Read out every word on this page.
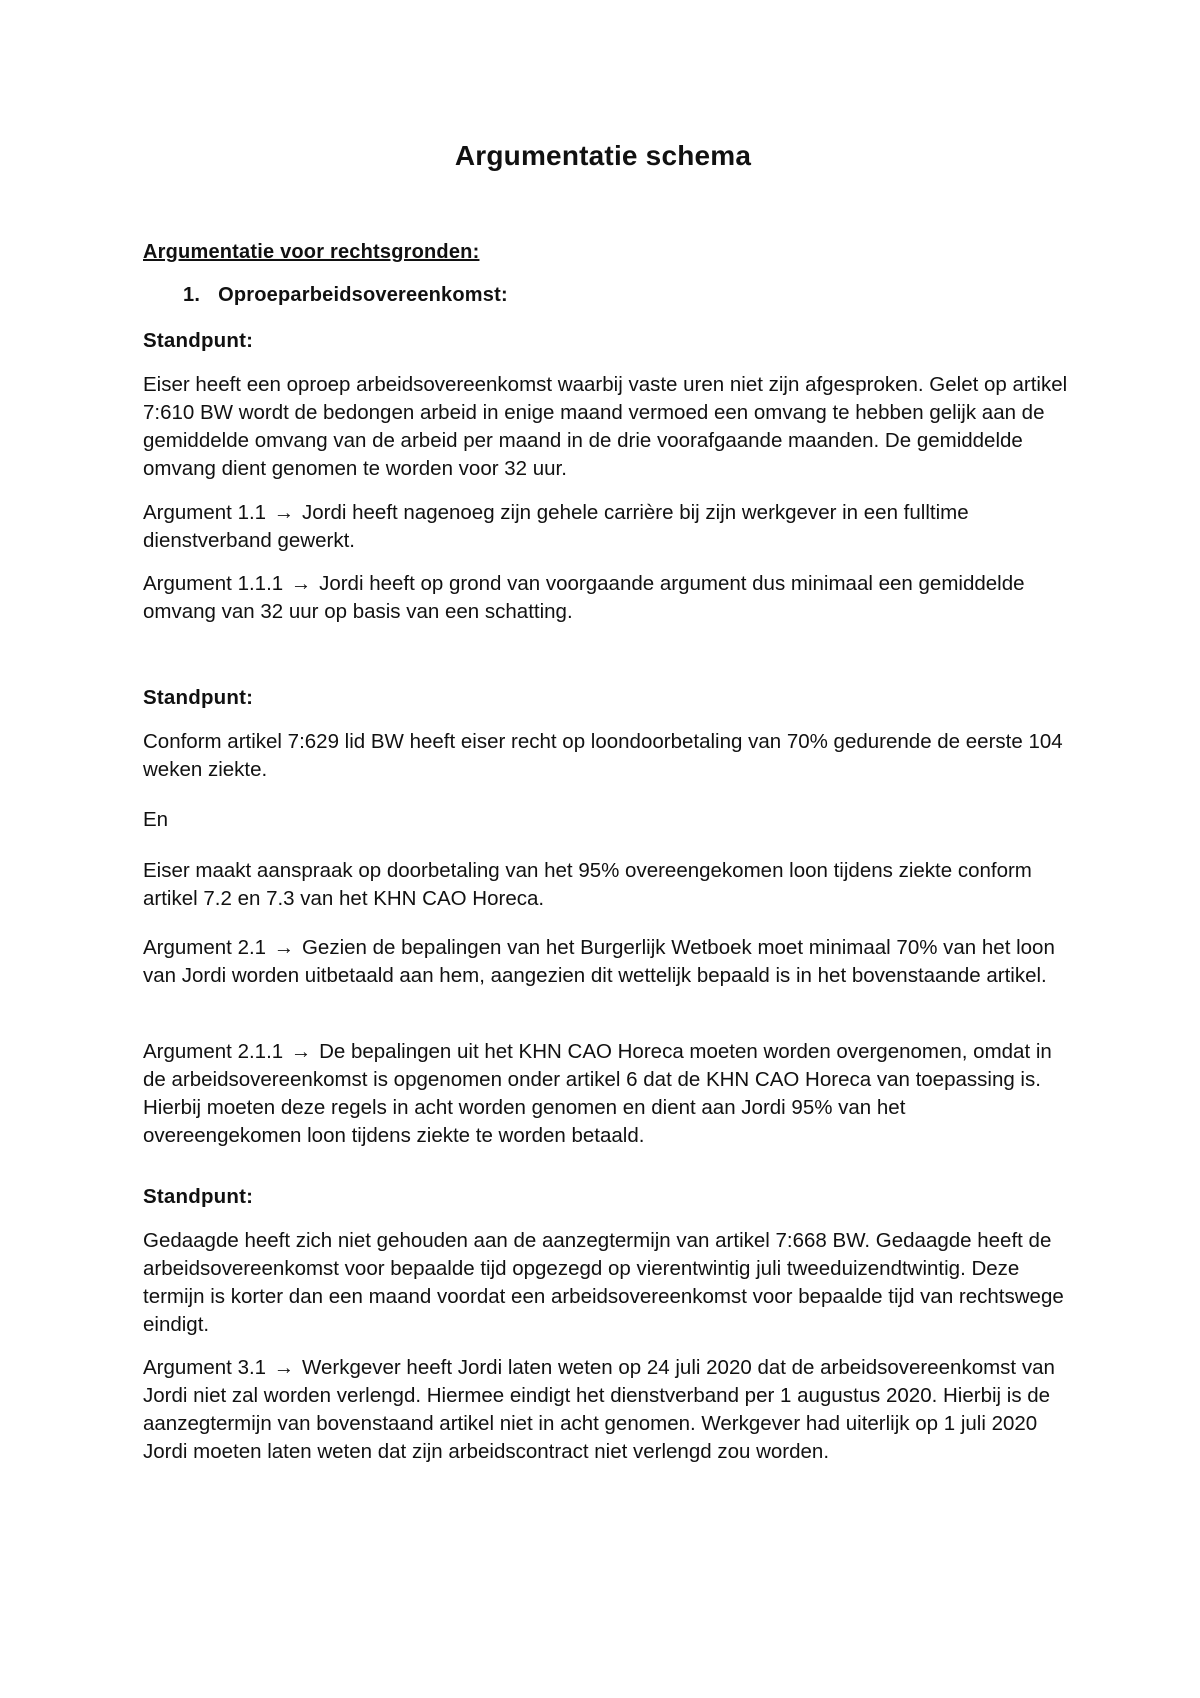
Argumentatie schema

Argumentatie voor rechtsgronden:

1. Oproeparbeidsovereenkomst:

Standpunt:

Eiser heeft een oproep arbeidsovereenkomst waarbij vaste uren niet zijn afgesproken. Gelet op artikel 7:610 BW wordt de bedongen arbeid in enige maand vermoed een omvang te hebben gelijk aan de gemiddelde omvang van de arbeid per maand in de drie voorafgaande maanden. De gemiddelde omvang dient genomen te worden voor 32 uur.

Argument 1.1 → Jordi heeft nagenoeg zijn gehele carrière bij zijn werkgever in een fulltime dienstverband gewerkt.

Argument 1.1.1 → Jordi heeft op grond van voorgaande argument dus minimaal een gemiddelde omvang van 32 uur op basis van een schatting.

Standpunt:

Conform artikel 7:629 lid BW heeft eiser recht op loondoorbetaling van 70% gedurende de eerste 104 weken ziekte.

En

Eiser maakt aanspraak op doorbetaling van het 95% overeengekomen loon tijdens ziekte conform artikel 7.2 en 7.3 van het KHN CAO Horeca.

Argument 2.1 → Gezien de bepalingen van het Burgerlijk Wetboek moet minimaal 70% van het loon van Jordi worden uitbetaald aan hem, aangezien dit wettelijk bepaald is in het bovenstaande artikel.

Argument 2.1.1 → De bepalingen uit het KHN CAO Horeca moeten worden overgenomen, omdat in de arbeidsovereenkomst is opgenomen onder artikel 6 dat de KHN CAO Horeca van toepassing is. Hierbij moeten deze regels in acht worden genomen en dient aan Jordi 95% van het overeengekomen loon tijdens ziekte te worden betaald.

Standpunt:

Gedaagde heeft zich niet gehouden aan de aanzegtermijn van artikel 7:668 BW. Gedaagde heeft de arbeidsovereenkomst voor bepaalde tijd opgezegd op vierentwintig juli tweeduizendtwintig. Deze termijn is korter dan een maand voordat een arbeidsovereenkomst voor bepaalde tijd van rechtswege eindigt.

Argument 3.1 → Werkgever heeft Jordi laten weten op 24 juli 2020 dat de arbeidsovereenkomst van Jordi niet zal worden verlengd. Hiermee eindigt het dienstverband per 1 augustus 2020. Hierbij is de aanzegtermijn van bovenstaand artikel niet in acht genomen. Werkgever had uiterlijk op 1 juli 2020 Jordi moeten laten weten dat zijn arbeidscontract niet verlengd zou worden.
